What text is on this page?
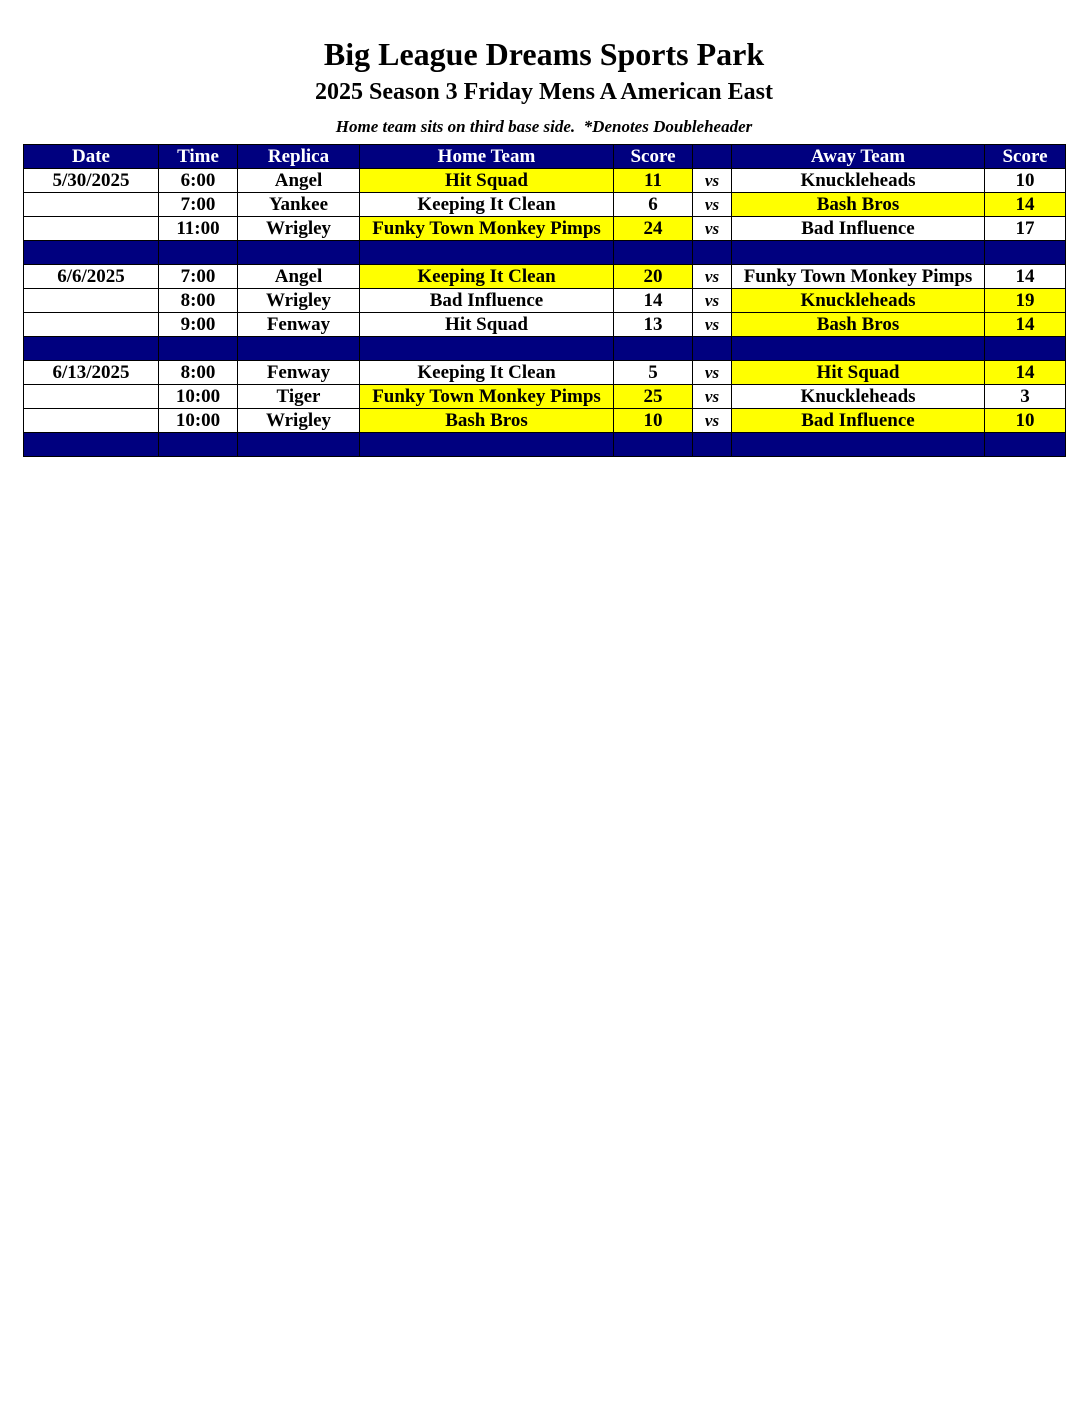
Big League Dreams Sports Park
2025 Season 3 Friday Mens A American East
Home team sits on third base side.  *Denotes Doubleheader
Date	Time	Replica	Home Team	Score		Away Team	Score
5/30/2025	6:00	Angel	Hit Squad	11	vs	Knuckleheads	10
	7:00	Yankee	Keeping It Clean	6	vs	Bash Bros	14
	11:00	Wrigley	Funky Town Monkey Pimps	24	vs	Bad Influence	17

6/6/2025	7:00	Angel	Keeping It Clean	20	vs	Funky Town Monkey Pimps	14
	8:00	Wrigley	Bad Influence	14	vs	Knuckleheads	19
	9:00	Fenway	Hit Squad	13	vs	Bash Bros	14

6/13/2025	8:00	Fenway	Keeping It Clean	5	vs	Hit Squad	14
	10:00	Tiger	Funky Town Monkey Pimps	25	vs	Knuckleheads	3
	10:00	Wrigley	Bash Bros	10	vs	Bad Influence	10
